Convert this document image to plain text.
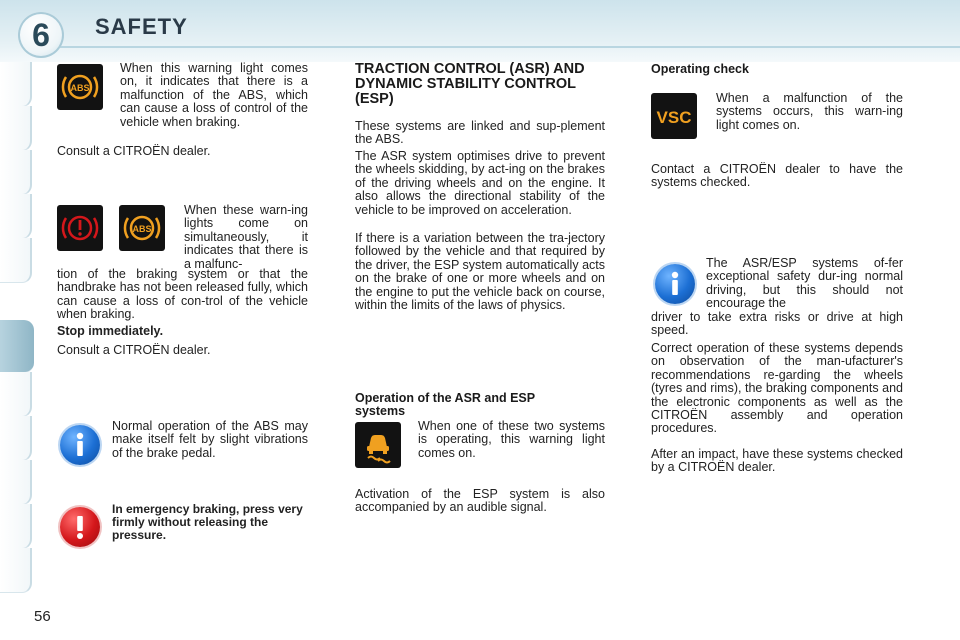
6	SAFETY
ABS
When this warning light comes on, it indicates that there is a malfunction of the ABS, which can cause a loss of control of the vehicle when braking.
Consult a CITROËN dealer.
ABS
When these warn-ing lights come on simultaneously, it indicates that there is a malfunc-
tion of the braking system or that the handbrake has not been released fully, which can cause a loss of con-trol of the vehicle when braking.
Stop immediately.
Consult a CITROËN dealer.
Normal operation of the ABS may make itself felt by slight vibrations of the brake pedal.
In emergency braking, press very firmly without releasing the pressure.
TRACTION CONTROL (ASR) AND DYNAMIC STABILITY CONTROL (ESP)
These systems are linked and sup-plement the ABS.
The ASR system optimises drive to prevent the wheels skidding, by act-ing on the brakes of the driving wheels and on the engine. It also allows the directional stability of the vehicle to be improved on acceleration.
If there is a variation between the tra-jectory followed by the vehicle and that required by the driver, the ESP system automatically acts on the brake of one or more wheels and on the engine to put the vehicle back on course, within the limits of the laws of physics.
Operation of the ASR and ESP systems
When one of these two systems is operating, this warning light comes on.
Activation of the ESP system is also accompanied by an audible signal.
Operating check
VSC
When a malfunction of the systems occurs, this warn-ing light comes on.
Contact a CITROËN dealer to have the systems checked.
The ASR/ESP systems of-fer exceptional safety dur-ing normal driving, but this should not encourage the
driver to take extra risks or drive at high speed.
Correct operation of these systems depends on observation of the man-ufacturer's recommendations re-garding the wheels (tyres and rims), the braking components and the electronic components as well as the CITROËN assembly and operation procedures.
After an impact, have these systems checked by a CITROËN dealer.
56
